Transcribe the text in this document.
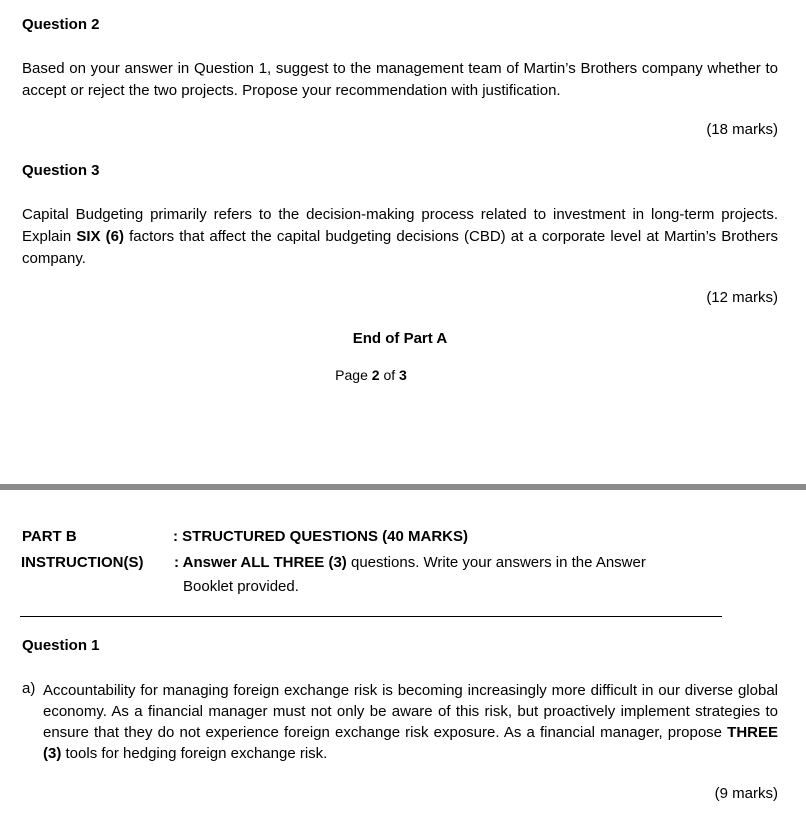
Question 2
Based on your answer in Question 1, suggest to the management team of Martin’s Brothers company whether to accept or reject the two projects. Propose your recommendation with justification.
(18 marks)
Question 3
Capital Budgeting primarily refers to the decision-making process related to investment in long-term projects. Explain SIX (6) factors that affect the capital budgeting decisions (CBD) at a corporate level at Martin’s Brothers company.
(12 marks)
End of Part A
Page 2 of 3
PART B	: STRUCTURED QUESTIONS (40 MARKS)
INSTRUCTION(S) : Answer ALL THREE (3) questions. Write your answers in the Answer
Booklet provided.
Question 1
a) Accountability for managing foreign exchange risk is becoming increasingly more difficult in our diverse global economy. As a financial manager must not only be aware of this risk, but proactively implement strategies to ensure that they do not experience foreign exchange risk exposure. As a financial manager, propose THREE (3) tools for hedging foreign exchange risk.
(9 marks)
